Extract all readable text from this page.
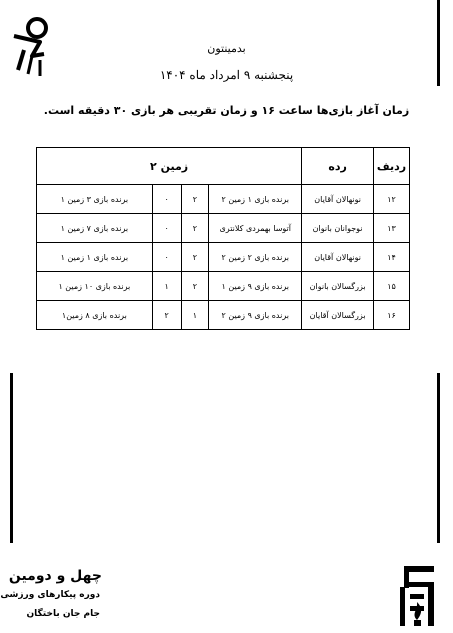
بدمینتون
پنجشنبه ۹ امرداد ماه ۱۴۰۴
زمان آغاز بازی‌ها ساعت ۱۶ و زمان تقریبی هر بازی ۳۰ دقیقه است.
ردیف	رده	زمین ۲			
۱۲	نونهالان آقایان	برنده بازی ۱ زمین ۲	۲	۰	برنده بازی ۳ زمین ۱
۱۳	نوجوانان بانوان	آتوسا بهمردی کلانتری	۲	۰	برنده بازی ۷ زمین ۱
۱۴	نونهالان آقایان	برنده بازی ۲ زمین ۲	۲	۰	برنده بازی ۱ زمین ۱
۱۵	بزرگسالان بانوان	برنده بازی ۹ زمین ۱	۲	۱	برنده بازی ۱۰ زمین ۱
۱۶	بزرگسالان آقایان	برنده بازی ۹ زمین ۲	۱	۲	برنده بازی ۸ زمین۱
چهل و دومین
دوره پیکارهای ورزشی
جام جان باختگان
